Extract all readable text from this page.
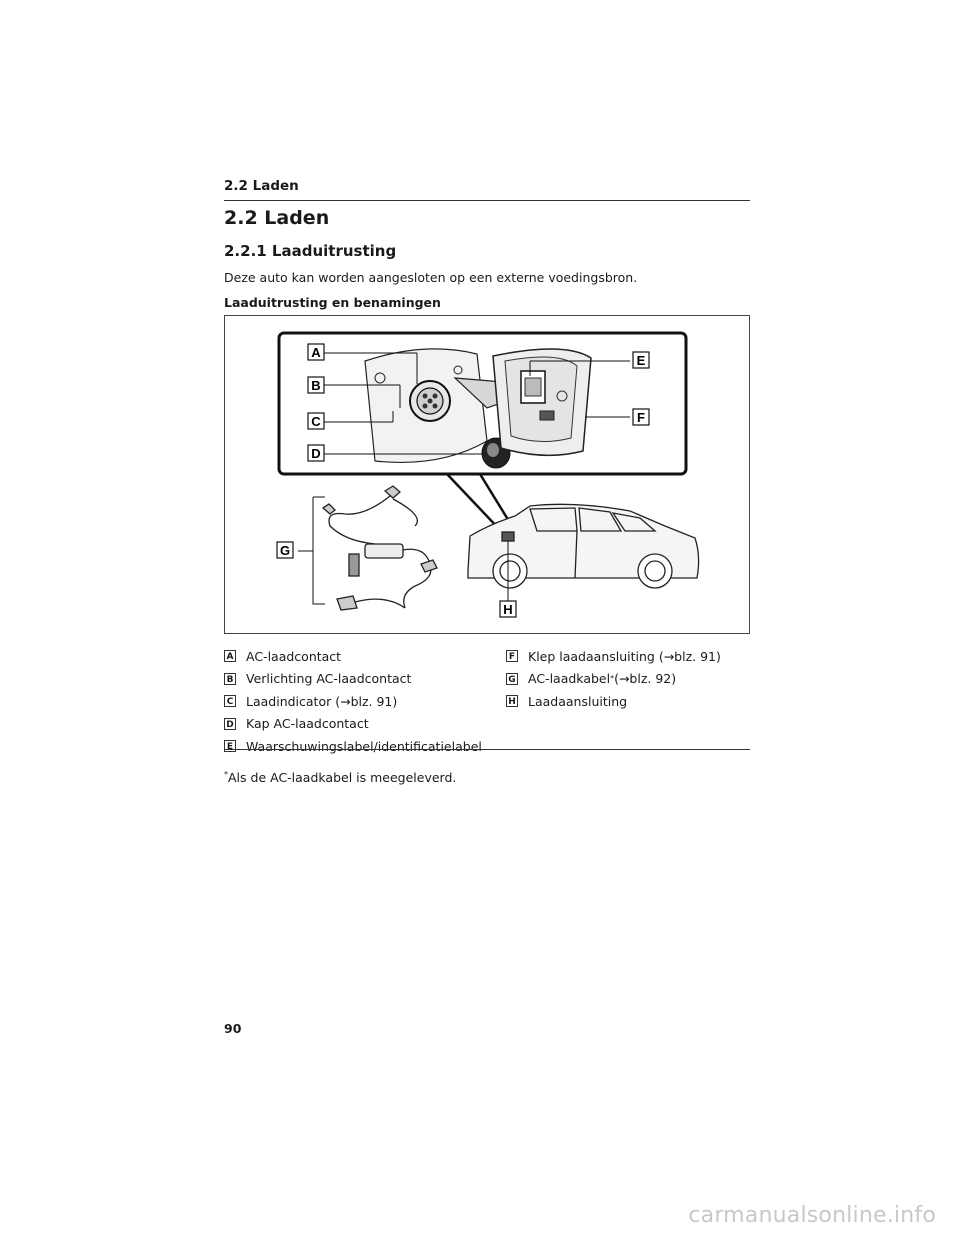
2.2 Laden
2.2 Laden
2.2.1 Laaduitrusting
Deze auto kan worden aangesloten op een externe voedingsbron.
Laaduitrusting en benamingen
A
B
C
D
E
F
G
H
A AC-laadcontact
B Verlichting AC-laadcontact
C Laadindicator (→blz. 91)
D Kap AC-laadcontact
E Waarschuwingslabel/identificatielabel
F Klep laadaansluiting (→blz. 91)
G AC-laadkabel * (→blz. 92)
H Laadaansluiting
*Als de AC-laadkabel is meegeleverd.
90
carmanualsonline.info
